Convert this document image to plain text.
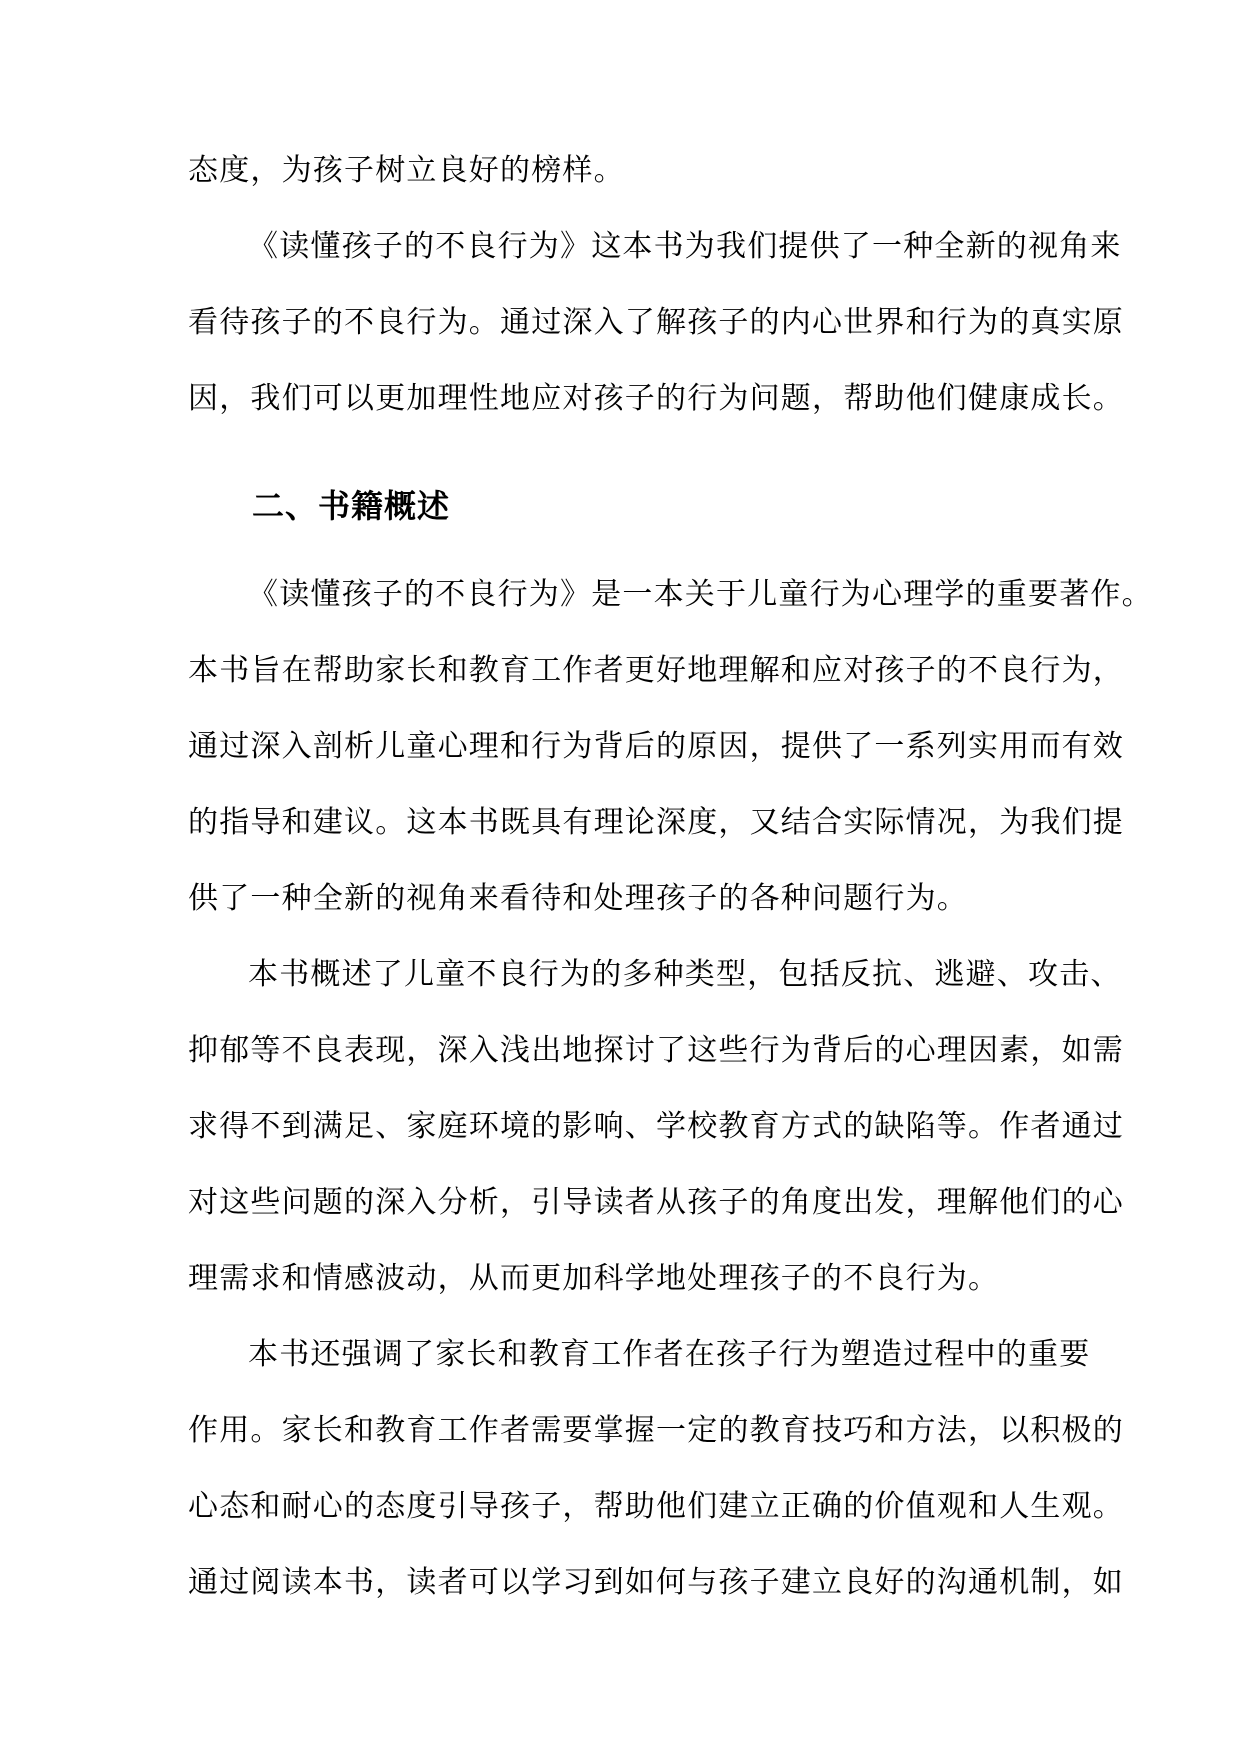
态度，为孩子树立良好的榜样。
《读懂孩子的不良行为》这本书为我们提供了一种全新的视角来
看待孩子的不良行为。通过深入了解孩子的内心世界和行为的真实原
因，我们可以更加理性地应对孩子的行为问题，帮助他们健康成长。
二、书籍概述
《读懂孩子的不良行为》是一本关于儿童行为心理学的重要著作。
本书旨在帮助家长和教育工作者更好地理解和应对孩子的不良行为，
通过深入剖析儿童心理和行为背后的原因，提供了一系列实用而有效
的指导和建议。这本书既具有理论深度，又结合实际情况，为我们提
供了一种全新的视角来看待和处理孩子的各种问题行为。
本书概述了儿童不良行为的多种类型，包括反抗、逃避、攻击、
抑郁等不良表现，深入浅出地探讨了这些行为背后的心理因素，如需
求得不到满足、家庭环境的影响、学校教育方式的缺陷等。作者通过
对这些问题的深入分析，引导读者从孩子的角度出发，理解他们的心
理需求和情感波动，从而更加科学地处理孩子的不良行为。
本书还强调了家长和教育工作者在孩子行为塑造过程中的重要
作用。家长和教育工作者需要掌握一定的教育技巧和方法，以积极的
心态和耐心的态度引导孩子，帮助他们建立正确的价值观和人生观。
通过阅读本书，读者可以学习到如何与孩子建立良好的沟通机制，如
